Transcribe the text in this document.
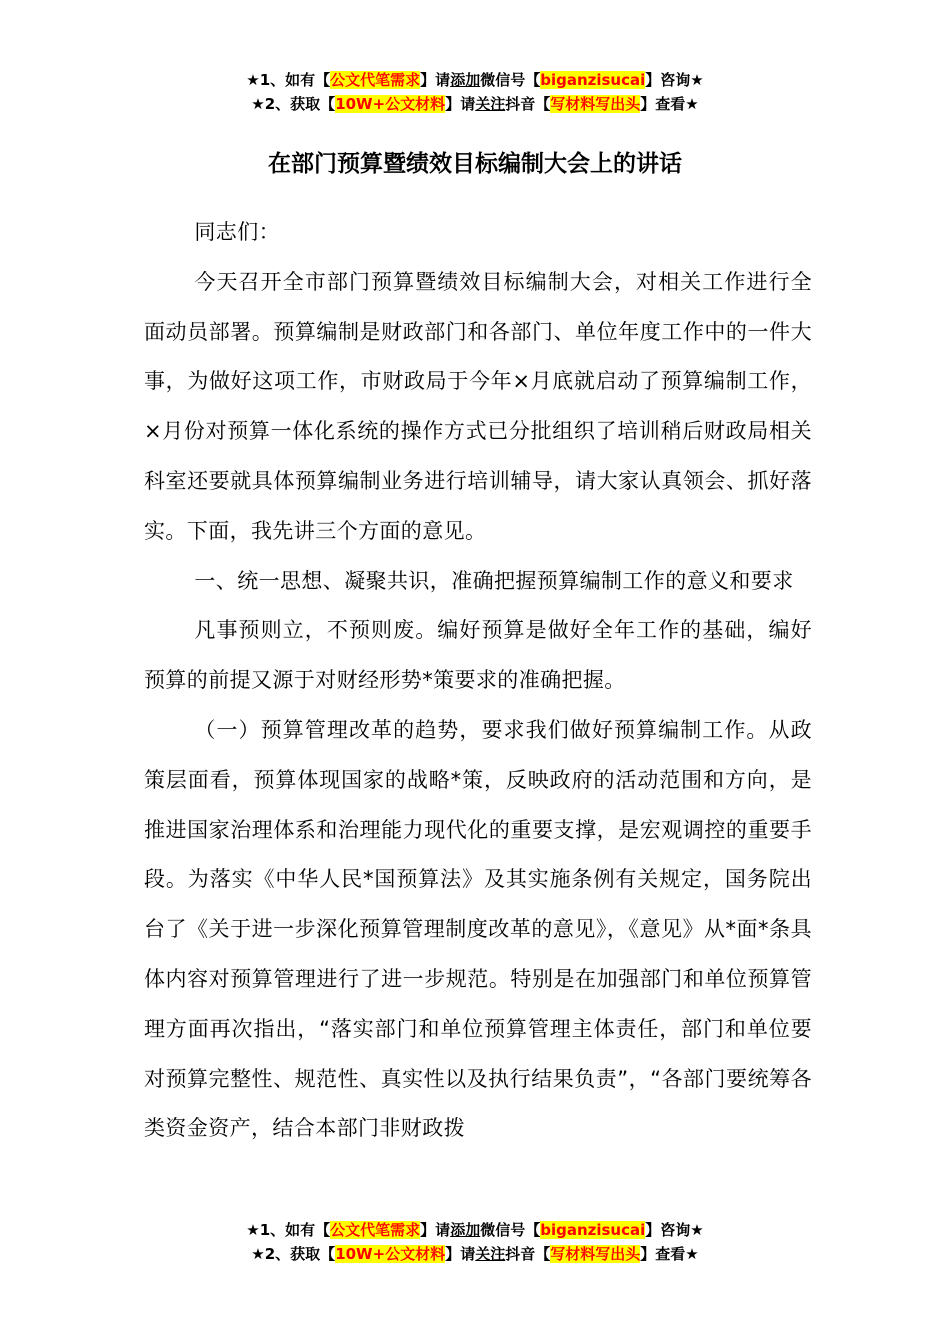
★1、如有【公文代笔需求】请添加微信号【biganzisucai】咨询★
★2、获取【10W+公文材料】请关注抖音【写材料写出头】查看★
在部门预算暨绩效目标编制大会上的讲话

同志们：

今天召开全市部门预算暨绩效目标编制大会，对相关工作进行全面动员部署。预算编制是财政部门和各部门、单位年度工作中的一件大事，为做好这项工作，市财政局于今年×月底就启动了预算编制工作，×月份对预算一体化系统的操作方式已分批组织了培训稍后财政局相关科室还要就具体预算编制业务进行培训辅导，请大家认真领会、抓好落实。下面，我先讲三个方面的意见。

一、统一思想、凝聚共识，准确把握预算编制工作的意义和要求

凡事预则立，不预则废。编好预算是做好全年工作的基础，编好预算的前提又源于对财经形势*策要求的准确把握。

（一）预算管理改革的趋势，要求我们做好预算编制工作。从政策层面看，预算体现国家的战略*策，反映政府的活动范围和方向，是推进国家治理体系和治理能力现代化的重要支撑，是宏观调控的重要手段。为落实《中华人民*国预算法》及其实施条例有关规定，国务院出台了《关于进一步深化预算管理制度改革的意见》，《意见》从*面*条具体内容对预算管理进行了进一步规范。特别是在加强部门和单位预算管理方面再次指出，“落实部门和单位预算管理主体责任，部门和单位要对预算完整性、规范性、真实性以及执行结果负责”，“各部门要统筹各类资金资产，结合本部门非财政拨

★1、如有【公文代笔需求】请添加微信号【biganzisucai】咨询★
★2、获取【10W+公文材料】请关注抖音【写材料写出头】查看★
